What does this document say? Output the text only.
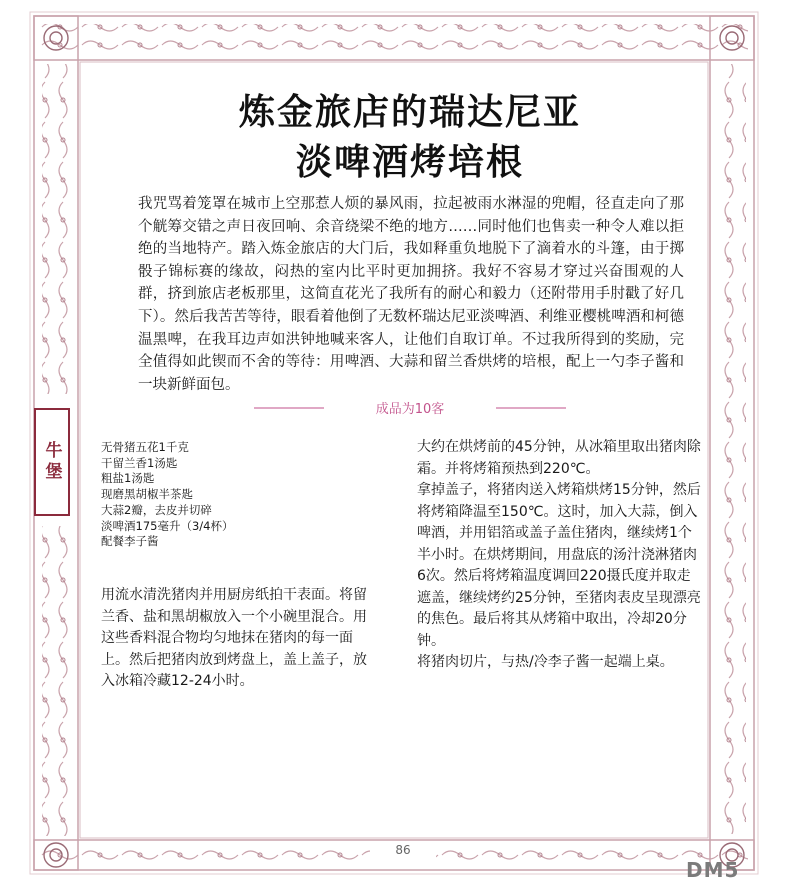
炼金旅店的瑞达尼亚
淡啤酒烤培根

我咒骂着笼罩在城市上空那惹人烦的暴风雨，拉起被雨水淋湿的兜帽，径直走向了那个觥筹交错之声日夜回响、余音绕梁不绝的地方……同时他们也售卖一种令人难以拒绝的当地特产。踏入炼金旅店的大门后，我如释重负地脱下了滴着水的斗篷，由于掷骰子锦标赛的缘故，闷热的室内比平时更加拥挤。我好不容易才穿过兴奋围观的人群，挤到旅店老板那里，这简直花光了我所有的耐心和毅力（还附带用手肘戳了好几下）。然后我苦苦等待，眼看着他倒了无数杯瑞达尼亚淡啤酒、利维亚樱桃啤酒和柯德温黑啤，在我耳边声如洪钟地喊来客人，让他们自取订单。不过我所得到的奖励，完全值得如此锲而不舍的等待：用啤酒、大蒜和留兰香烘烤的培根，配上一勺李子酱和一块新鲜面包。

成品为10客
牛堡	无骨猪五花1千克
干留兰香1汤匙
粗盐1汤匙
现磨黑胡椒半茶匙
大蒜2瓣，去皮并切碎
淡啤酒175毫升（3/4杯）
配餐李子酱

用流水清洗猪肉并用厨房纸拍干表面。将留兰香、盐和黑胡椒放入一个小碗里混合。用这些香料混合物均匀地抹在猪肉的每一面上。然后把猪肉放到烤盘上，盖上盖子，放入冰箱冷藏12-24小时。

大约在烘烤前的45分钟，从冰箱里取出猪肉除霜。并将烤箱预热到220℃。

拿掉盖子，将猪肉送入烤箱烘烤15分钟，然后将烤箱降温至150℃。这时，加入大蒜，倒入啤酒，并用铝箔或盖子盖住猪肉，继续烤1个半小时。在烘烤期间，用盘底的汤汁浇淋猪肉6次。然后将烤箱温度调回220摄氏度并取走遮盖，继续烤约25分钟，至猪肉表皮呈现漂亮的焦色。最后将其从烤箱中取出，冷却20分钟。

将猪肉切片，与热/冷李子酱一起端上桌。

86
DM5
